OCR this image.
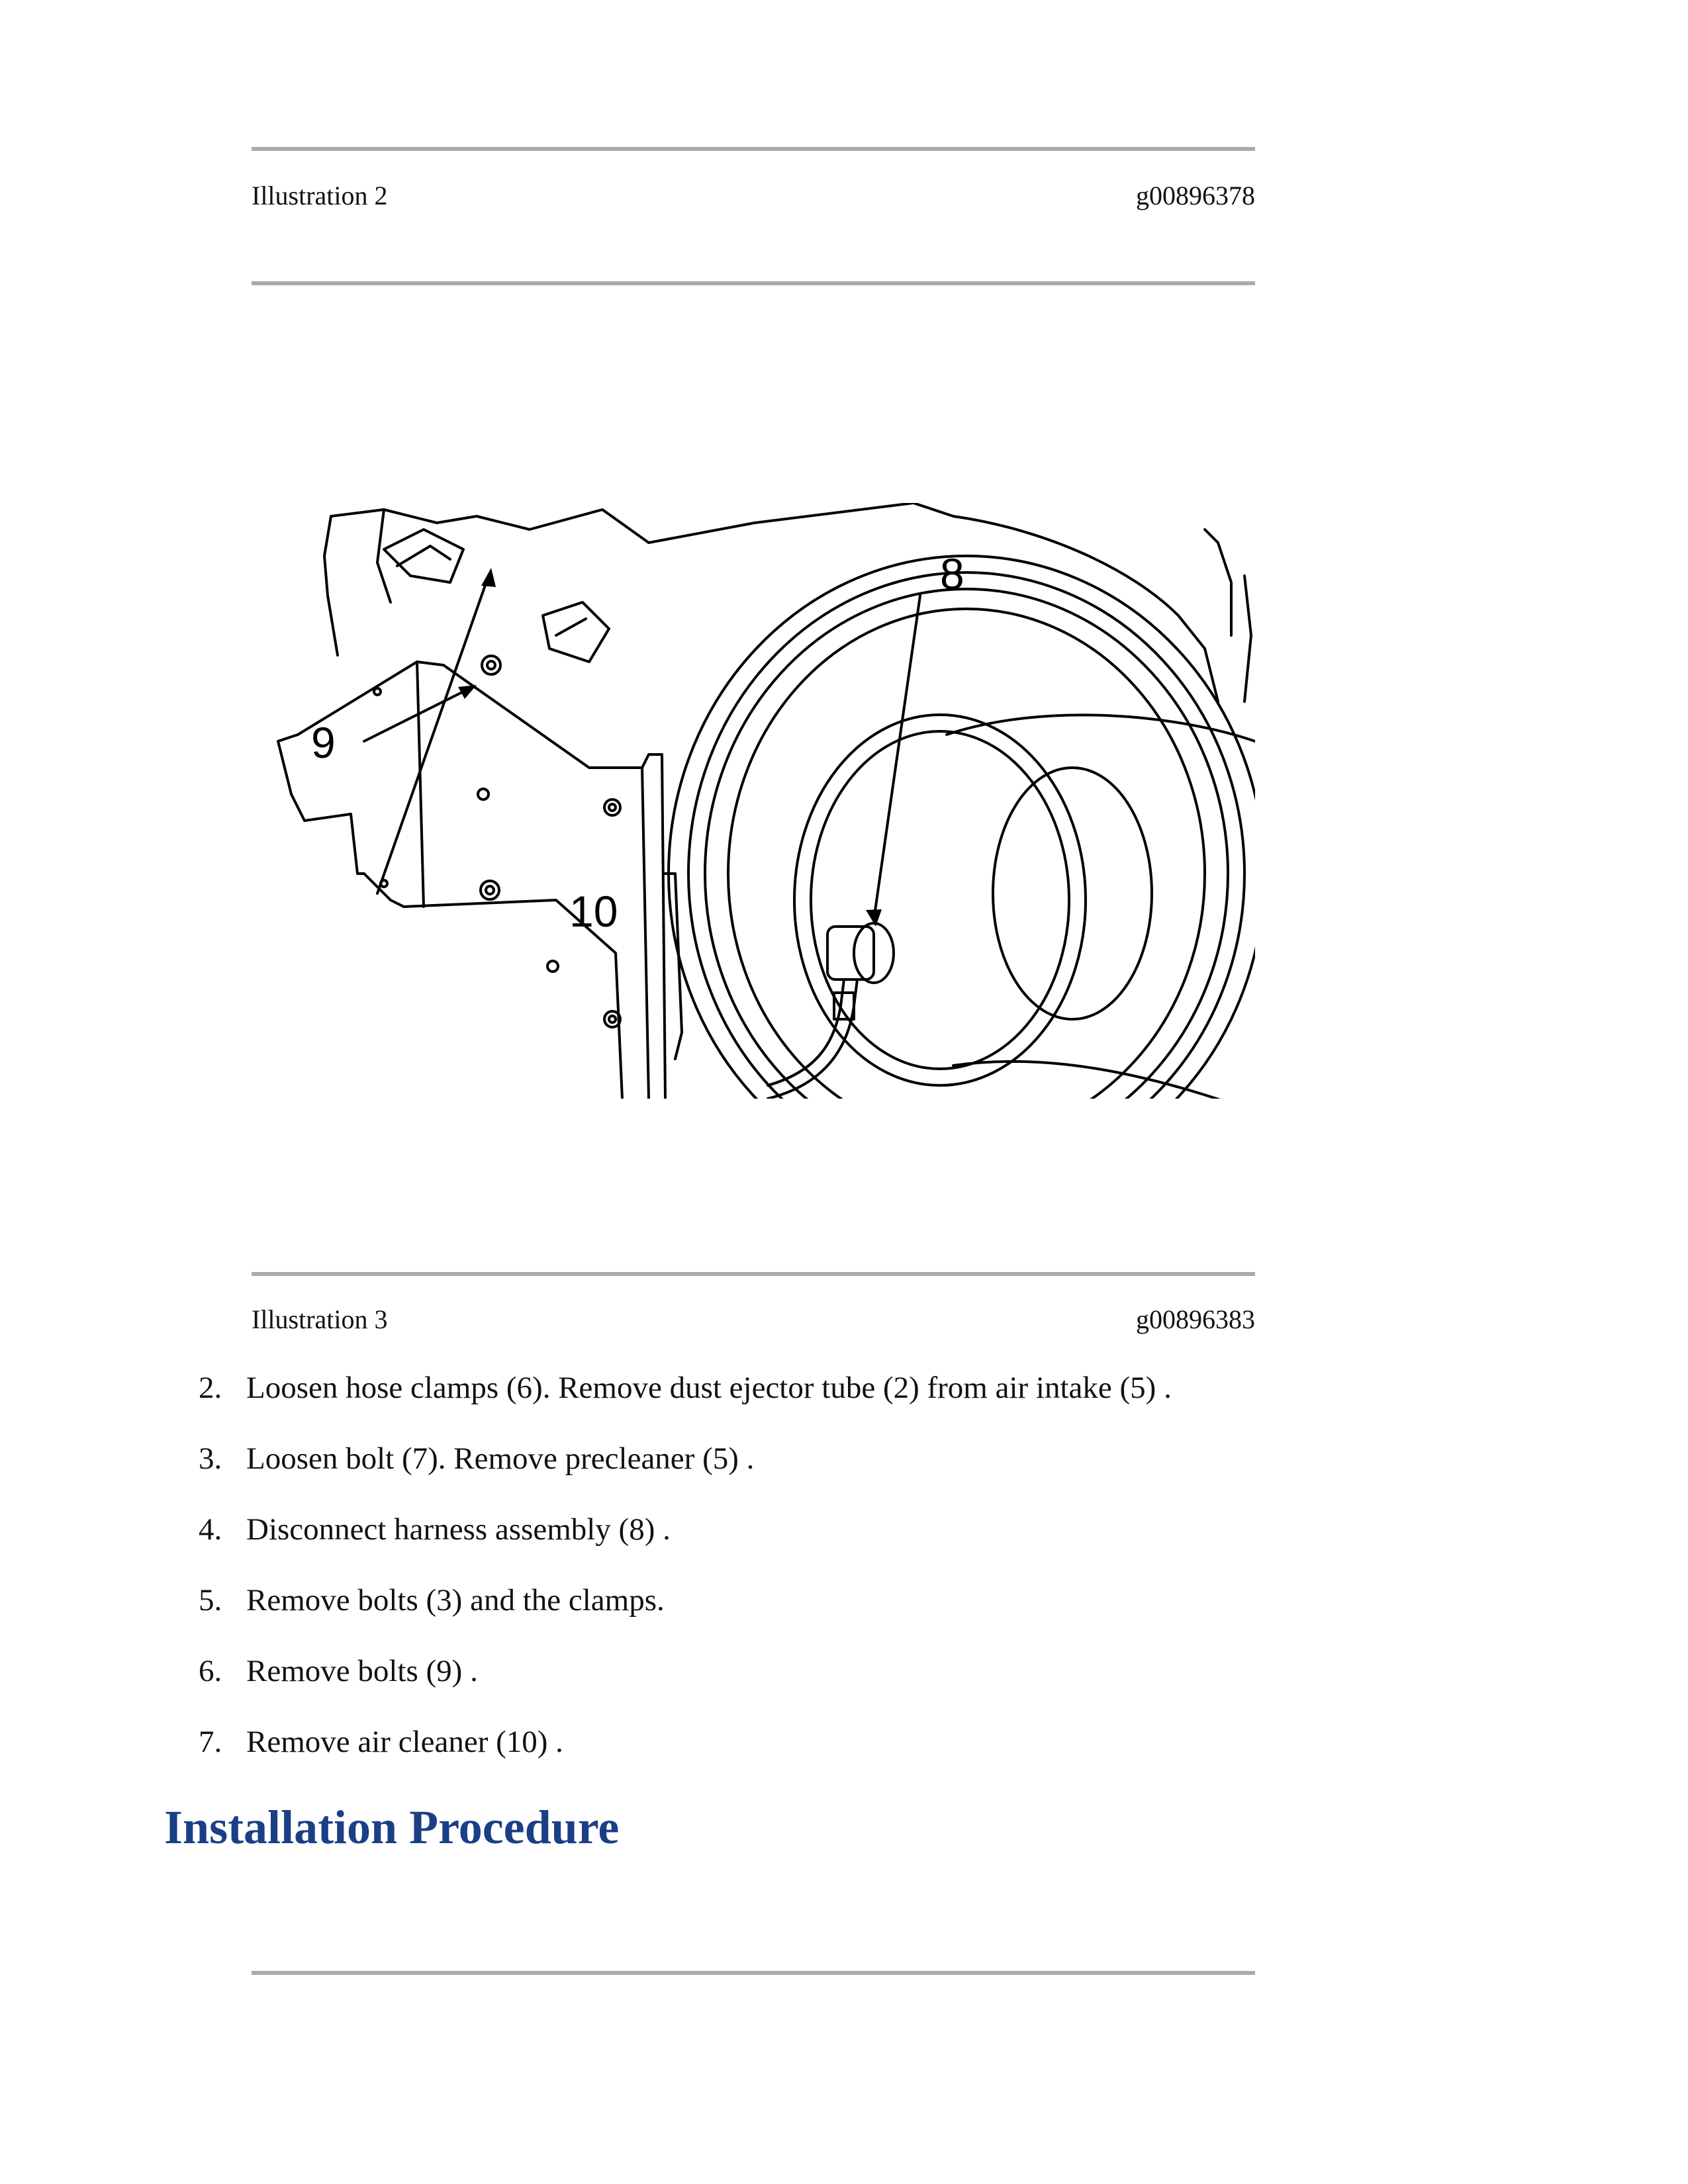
Illustration 2	g00896378
8
9
10
Illustration 3	g00896383
2. Loosen hose clamps (6). Remove dust ejector tube (2) from air intake (5) .
3. Loosen bolt (7). Remove precleaner (5) .
4. Disconnect harness assembly (8) .
5. Remove bolts (3) and the clamps.
6. Remove bolts (9) .
7. Remove air cleaner (10) .
Installation Procedure
